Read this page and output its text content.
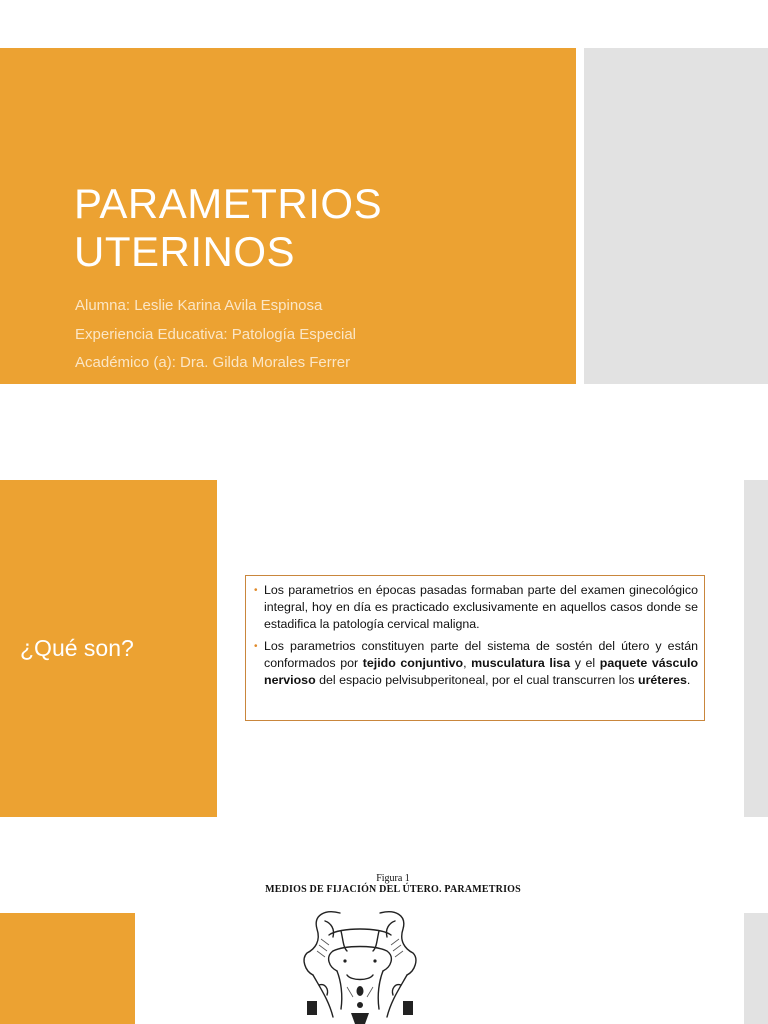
PARAMETRIOS
UTERINOS
Alumna: Leslie Karina Avila Espinosa
Experiencia Educativa: Patología Especial
Académico (a): Dra. Gilda Morales Ferrer
¿Qué son?
• Los parametrios en épocas pasadas formaban parte del examen ginecológico integral, hoy en día es practicado exclusivamente en aquellos casos donde se estadifica la patología cervical maligna.
• Los parametrios constituyen parte del sistema de sostén del útero y están conformados por tejido conjuntivo, musculatura lisa y el paquete vásculo nervioso del espacio pelvisubperitoneal, por el cual transcurren los uréteres.
Figura 1
MEDIOS DE FIJACIÓN DEL ÚTERO. PARAMETRIOS
